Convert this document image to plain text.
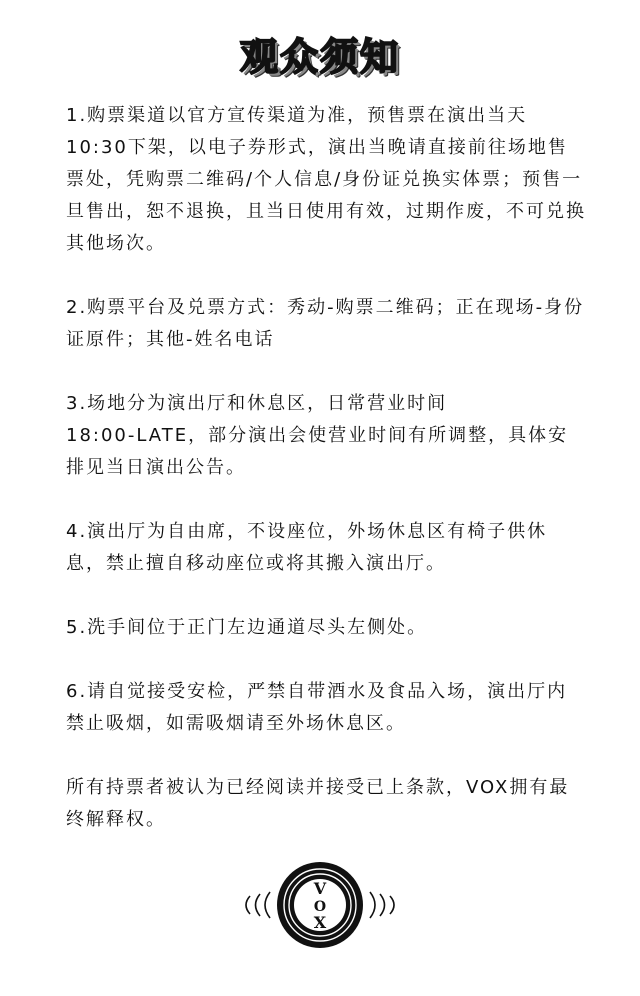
观众须知

1.购票渠道以官方宣传渠道为准，预售票在演出当天10:30下架，以电子券形式，演出当晚请直接前往场地售票处，凭购票二维码/个人信息/身份证兑换实体票；预售一旦售出，恕不退换，且当日使用有效，过期作废，不可兑换其他场次。

2.购票平台及兑票方式：秀动-购票二维码；正在现场-身份证原件；其他-姓名电话

3.场地分为演出厅和休息区，日常营业时间
18:00-LATE，部分演出会使营业时间有所调整，具体安排见当日演出公告。

4.演出厅为自由席，不设座位，外场休息区有椅子供休息，禁止擅自移动座位或将其搬入演出厅。

5.洗手间位于正门左边通道尽头左侧处。

6.请自觉接受安检，严禁自带酒水及食品入场，演出厅内禁止吸烟，如需吸烟请至外场休息区。

所有持票者被认为已经阅读并接受已上条款，VOX拥有最终解释权。

V
O
X
